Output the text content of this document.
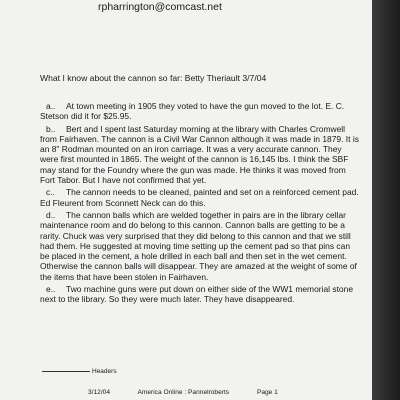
rpharrington@comcast.net
What I know about the cannon so far: Betty Theriault 3/7/04

a.. At town meeting in 1905 they voted to have the gun moved to the lot. E. C. Stetson did it for $25.95.

b.. Bert and I spent last Saturday morning at the library with Charles Cromwell from Fairhaven. The cannon is a Civil War Cannon although it was made in 1879. It is an 8" Rodman mounted on an iron carriage. It was a very accurate cannon. They were first mounted in 1865. The weight of the cannon is 16,145 lbs. I think the SBF may stand for the Foundry where the gun was made. He thinks it was moved from Fort Tabor. But I have not confirmed that yet.

c.. The cannon needs to be cleaned, painted and set on a reinforced cement pad. Ed Fleurent from Sconnett Neck can do this.

d.. The cannon balls which are welded together in pairs are in the library cellar maintenance room and do belong to this cannon. Cannon balls are getting to be a rarity. Chuck was very surprised that they did belong to this cannon and that we still had them. He suggested at moving time setting up the cement pad so that pins can be placed in the cement, a hole drilled in each ball and then set in the wet cement. Otherwise the cannon balls will disappear. They are amazed at the weight of some of the items that have been stolen in Fairhaven.

e.. Two machine guns were put down on either side of the WW1 memorial stone next to the library. So they were much later. They have disappeared.

Headers
3/12/04	America Online : Pannelroberts	Page 1
